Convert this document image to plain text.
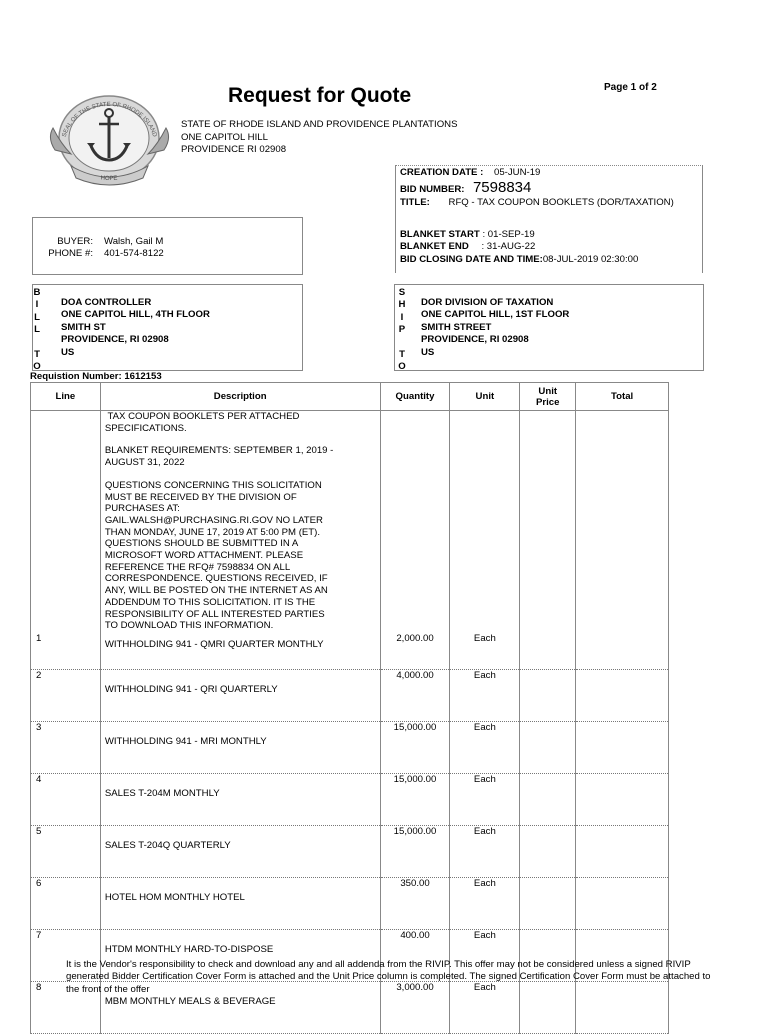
SEAL OF THE STATE OF RHODE ISLAND
HOPE
Request for Quote	Page 1 of 2
STATE OF RHODE ISLAND AND PROVIDENCE PLANTATIONS
ONE CAPITOL HILL
PROVIDENCE RI 02908
CREATION DATE : 05-JUN-19
BID NUMBER: 7598834
TITLE: RFQ - TAX COUPON BOOKLETS (DOR/TAXATION)
BLANKET START : 01-SEP-19
BLANKET END : 31-AUG-22
BID CLOSING DATE AND TIME:08-JUL-2019 02:30:00
BUYER: Walsh, Gail M
PHONE #: 401-574-8122
B
I
L
L
T
O
DOA CONTROLLER
ONE CAPITOL HILL, 4TH FLOOR
SMITH ST
PROVIDENCE, RI 02908
US
S
H
I
P
T
O
DOR DIVISION OF TAXATION
ONE CAPITOL HILL, 1ST FLOOR
SMITH STREET
PROVIDENCE, RI 02908
US
Requistion Number: 1612153
Line	Description	Quantity	Unit	Unit Price	Total

	TAX COUPON BOOKLETS PER ATTACHED SPECIFICATIONS.
BLANKET REQUIREMENTS: SEPTEMBER 1, 2019 - AUGUST 31, 2022
QUESTIONS CONCERNING THIS SOLICITATION MUST BE RECEIVED BY THE DIVISION OF PURCHASES AT: GAIL.WALSH@PURCHASING.RI.GOV NO LATER THAN MONDAY, JUNE 17, 2019 AT 5:00 PM (ET). QUESTIONS SHOULD BE SUBMITTED IN A MICROSOFT WORD ATTACHMENT. PLEASE REFERENCE THE RFQ# 7598834 ON ALL CORRESPONDENCE. QUESTIONS RECEIVED, IF ANY, WILL BE POSTED ON THE INTERNET AS AN ADDENDUM TO THIS SOLICITATION. IT IS THE RESPONSIBILITY OF ALL INTERESTED PARTIES TO DOWNLOAD THIS INFORMATION.				

1	WITHHOLDING 941 - QMRI QUARTER MONTHLY	2,000.00	Each		
2	WITHHOLDING 941 - QRI QUARTERLY	4,000.00	Each		
3	WITHHOLDING 941 - MRI MONTHLY	15,000.00	Each		
4	SALES T-204M MONTHLY	15,000.00	Each		
5	SALES T-204Q QUARTERLY	15,000.00	Each		
6	HOTEL HOM MONTHLY HOTEL	350.00	Each		
7	HTDM MONTHLY HARD-TO-DISPOSE	400.00	Each		
8	MBM MONTHLY MEALS & BEVERAGE	3,000.00	Each		
It is the Vendor's responsibility to check and download any and all addenda from the RIVIP. This offer may not be considered unless a signed RIVIP generated Bidder Certification Cover Form is attached and the Unit Price column is completed. The signed Certification Cover Form must be attached to the front of the offer
